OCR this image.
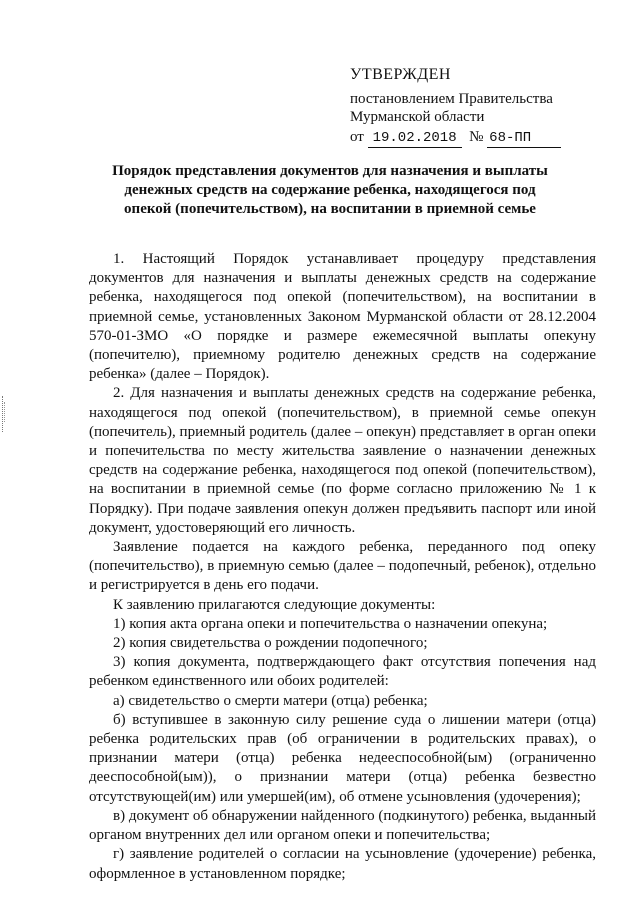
УТВЕРЖДЕН
постановлением Правительства
Мурманской области
от 19.02.2018 № 68-ПП
Порядок представления документов для назначения и выплаты денежных средств на содержание ребенка, находящегося под опекой (попечительством), на воспитании в приемной семье

1. Настоящий Порядок устанавливает процедуру представления документов для назначения и выплаты денежных средств на содержание ребенка, находящегося под опекой (попечительством), на воспитании в приемной семье, установленных Законом Мурманской области от 28.12.2004 570-01-ЗМО «О порядке и размере ежемесячной выплаты опекуну (попечителю), приемному родителю денежных средств на содержание ребенка» (далее – Порядок).

2. Для назначения и выплаты денежных средств на содержание ребенка, находящегося под опекой (попечительством), в приемной семье опекун (попечитель), приемный родитель (далее – опекун) представляет в орган опеки и попечительства по месту жительства заявление о назначении денежных средств на содержание ребенка, находящегося под опекой (попечительством), на воспитании в приемной семье (по форме согласно приложению № 1 к Порядку). При подаче заявления опекун должен предъявить паспорт или иной документ, удостоверяющий его личность.

Заявление подается на каждого ребенка, переданного под опеку (попечительство), в приемную семью (далее – подопечный, ребенок), отдельно и регистрируется в день его подачи.

К заявлению прилагаются следующие документы:

1) копия акта органа опеки и попечительства о назначении опекуна;

2) копия свидетельства о рождении подопечного;

3) копия документа, подтверждающего факт отсутствия попечения над ребенком единственного или обоих родителей:

а) свидетельство о смерти матери (отца) ребенка;

б) вступившее в законную силу решение суда о лишении матери (отца) ребенка родительских прав (об ограничении в родительских правах), о признании матери (отца) ребенка недееспособной(ым) (ограниченно дееспособной(ым)), о признании матери (отца) ребенка безвестно отсутствующей(им) или умершей(им), об отмене усыновления (удочерения);

в) документ об обнаружении найденного (подкинутого) ребенка, выданный органом внутренних дел или органом опеки и попечительства;

г) заявление родителей о согласии на усыновление (удочерение) ребенка, оформленное в установленном порядке;
